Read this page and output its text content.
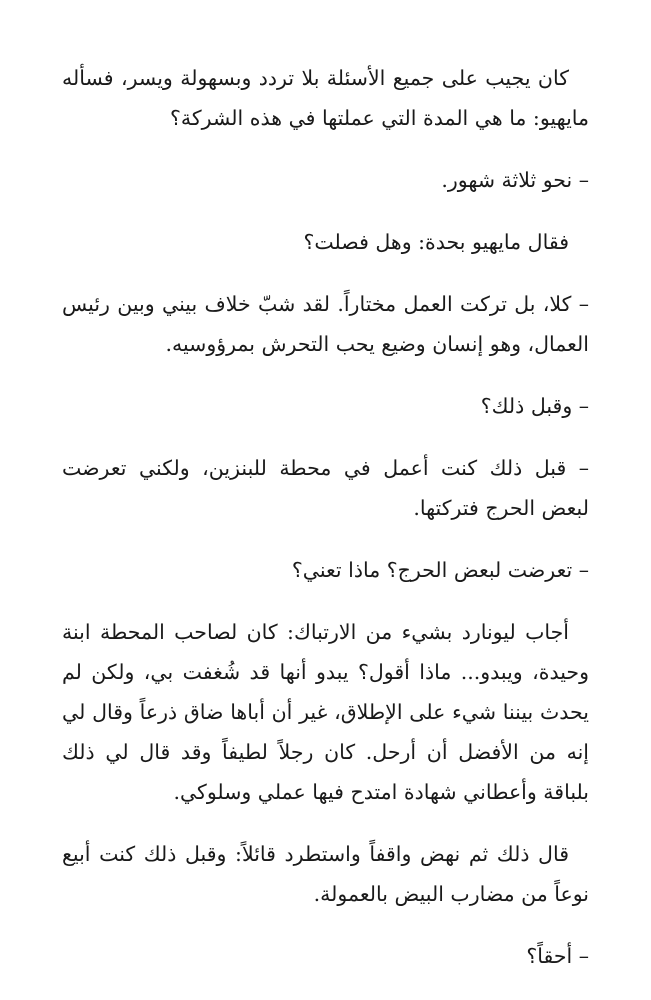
كان يجيب على جميع الأسئلة بلا تردد وبسهولة ويسر، فسأله مايهيو: ما هي المدة التي عملتها في هذه الشركة؟

– نحو ثلاثة شهور.

فقال مايهيو بحدة: وهل فصلت؟

– كلا، بل تركت العمل مختاراً. لقد شبّ خلاف بيني وبين رئيس العمال، وهو إنسان وضيع يحب التحرش بمرؤوسيه.

– وقبل ذلك؟

– قبل ذلك كنت أعمل في محطة للبنزين، ولكني تعرضت لبعض الحرج فتركتها.

– تعرضت لبعض الحرج؟ ماذا تعني؟

أجاب ليونارد بشيء من الارتباك: كان لصاحب المحطة ابنة وحيدة، ويبدو... ماذا أقول؟ يبدو أنها قد شُغفت بي، ولكن لم يحدث بيننا شيء على الإطلاق، غير أن أباها ضاق ذرعاً وقال لي إنه من الأفضل أن أرحل. كان رجلاً لطيفاً وقد قال لي ذلك بلباقة وأعطاني شهادة امتدح فيها عملي وسلوكي.

قال ذلك ثم نهض واقفاً واستطرد قائلاً: وقبل ذلك كنت أبيع نوعاً من مضارب البيض بالعمولة.

– أحقاً؟
